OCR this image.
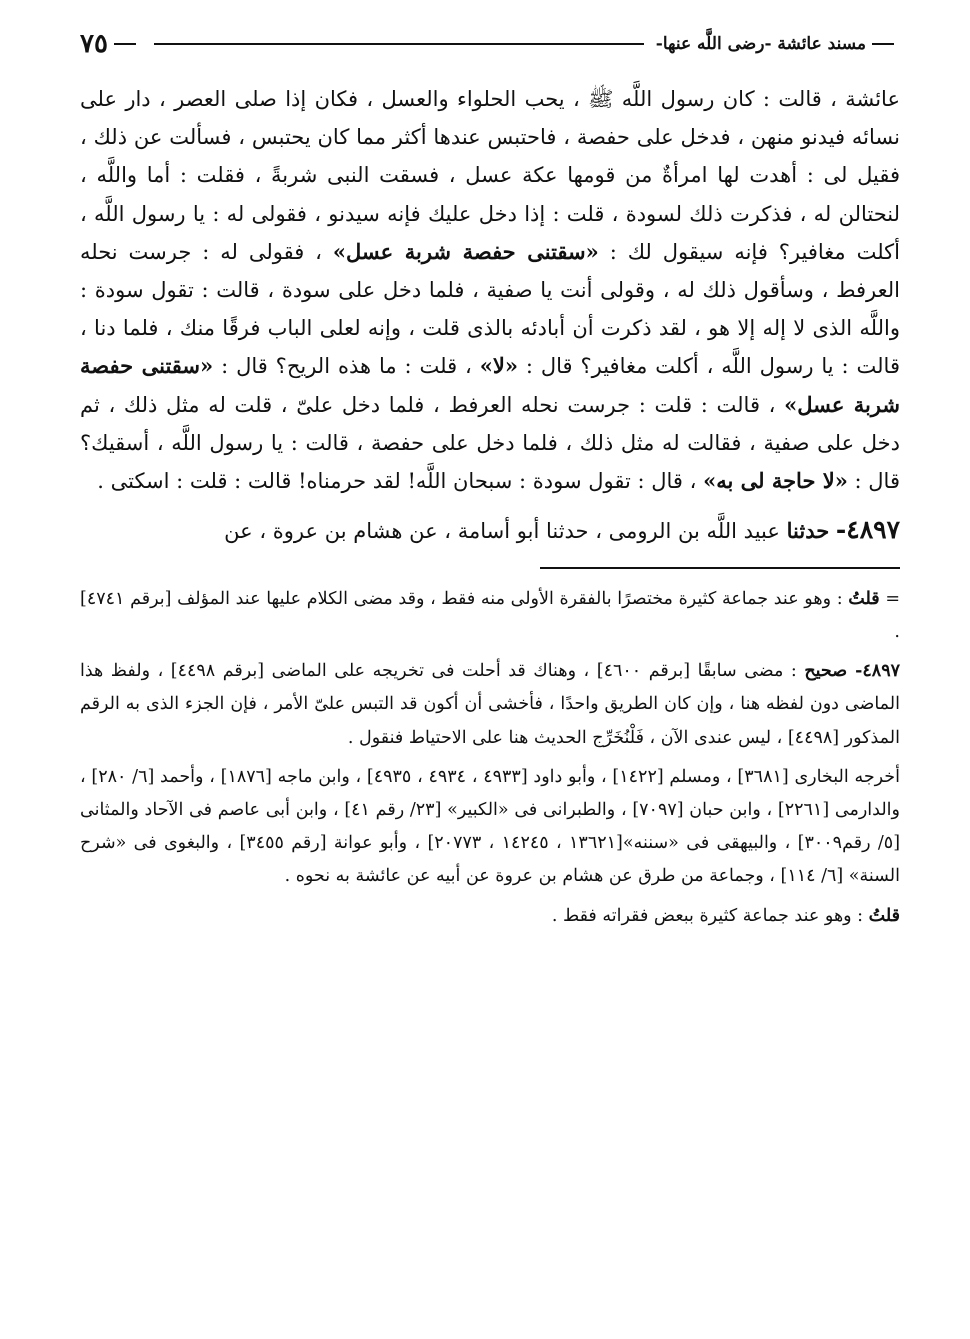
مسند عائشة -رضى اللَّه عنها-
٧٥
عائشة ، قالت : كان رسول اللَّه ﷺ ، يحب الحلواء والعسل ، فكان إذا صلى العصر ، دار على نسائه فيدنو منهن ، فدخل على حفصة ، فاحتبس عندها أكثر مما كان يحتبس ، فسألت عن ذلك ، فقيل لى : أهدت لها امرأةٌ من قومها عكة عسل ، فسقت النبى شربةً ، فقلت : أما واللَّه ، لنحتالن له ، فذكرت ذلك لسودة ، قلت : إذا دخل عليك فإنه سيدنو ، فقولى له : يا رسول اللَّه ، أكلت مغافير؟ فإنه سيقول لك : «سقتنى حفصة شربة عسل» ، فقولى له : جرست نحله العرفط ، وسأقول ذلك له ، وقولى أنت يا صفية ، فلما دخل على سودة ، قالت : تقول سودة : واللَّه الذى لا إله إلا هو ، لقد ذكرت أن أبادئه بالذى قلت ، وإنه لعلى الباب فرقًا منك ، فلما دنا ، قالت : يا رسول اللَّه ، أكلت مغافير؟ قال : «لا» ، قلت : ما هذه الريح؟ قال : «سقتنى حفصة شربة عسل» ، قالت : قلت : جرست نحله العرفط ، فلما دخل علىّ ، قلت له مثل ذلك ، ثم دخل على صفية ، فقالت له مثل ذلك ، فلما دخل على حفصة ، قالت : يا رسول اللَّه ، أسقيك؟ قال : «لا حاجة لى به» ، قال : تقول سودة : سبحان اللَّه! لقد حرمناه! قالت : قلت : اسكتى .
٤٨٩٧- حدثنا عبيد اللَّه بن الرومى ، حدثنا أبو أسامة ، عن هشام بن عروة ، عن

= قلتُ : وهو عند جماعة كثيرة مختصرًا بالفقرة الأولى منه فقط ، وقد مضى الكلام عليها عند المؤلف [برقم ٤٧٤١] .

٤٨٩٧- صحيح : مضى سابقًا [برقم ٤٦٠٠] ، وهناك قد أحلت فى تخريجه على الماضى [برقم ٤٤٩٨] ، ولفظ هذا الماضى دون لفظه هنا ، وإن كان الطريق واحدًا ، فأخشى أن أكون قد التبس علىّ الأمر ، فإن الجزء الذى به الرقم المذكور [٤٤٩٨] ، ليس عندى الآن ، فَلْنُخَرِّج الحديث هنا على الاحتياط فنقول .

أخرجه البخارى [٣٦٨١] ، ومسلم [١٤٢٢] ، وأبو داود [٤٩٣٣ ، ٤٩٣٤ ، ٤٩٣٥] ، وابن ماجه [١٨٧٦] ، وأحمد [٦/ ٢٨٠] ، والدارمى [٢٢٦١] ، وابن حبان [٧٠٩٧] ، والطبرانى فى «الكبير» [٢٣/ رقم ٤١] ، وابن أبى عاصم فى الآحاد والمثانى [٥/ رقم٣٠٠٩] ، والبيهقى فى «سننه»[١٣٦٢١ ، ١٤٢٤٥ ، ٢٠٧٧٣] ، وأبو عوانة [رقم ٣٤٥٥] ، والبغوى فى «شرح السنة» [٦/ ١١٤] ، وجماعة من طرق عن هشام بن عروة عن أبيه عن عائشة به نحوه .

قلتُ : وهو عند جماعة كثيرة ببعض فقراته فقط .
